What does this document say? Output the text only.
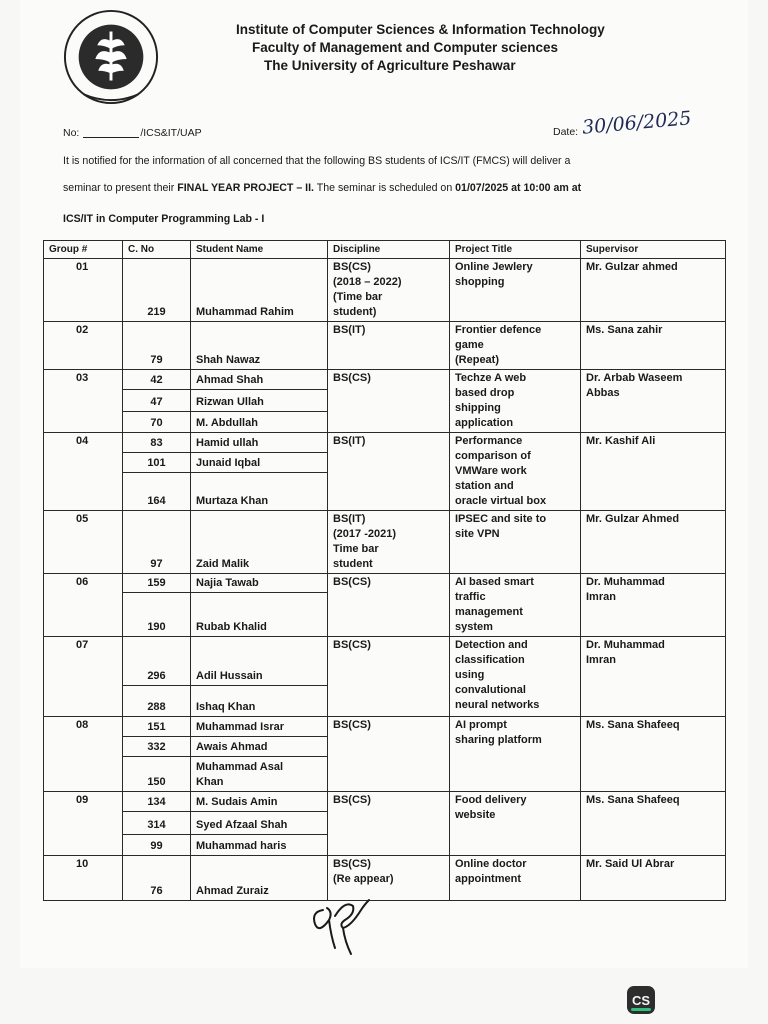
Institute of Computer Sciences & Information Technology
Faculty of Management and Computer sciences
The University of Agriculture Peshawar
No:	/ICS&IT/UAP	Date: 30/06/2025
It is notified for the information of all concerned that the following BS students of ICS/IT (FMCS) will deliver a
seminar to present their FINAL YEAR PROJECT – II. The seminar is scheduled on 01/07/2025 at 10:00 am at
ICS/IT in Computer Programming Lab - I
Group #	C. No	Student Name	Discipline	Project Title	Supervisor
01	219	Muhammad Rahim	BS(CS)
(2018 – 2022)
(Time bar
student)	Online Jewlery
shopping	Mr. Gulzar ahmed
02	79	Shah Nawaz	BS(IT)	Frontier defence
game
(Repeat)	Ms. Sana zahir
03	42	Ahmad Shah	BS(CS)	Techze A web
based drop
shipping
application	Dr. Arbab Waseem
Abbas
	47	Rizwan Ullah			
	70	M. Abdullah			
04	83	Hamid ullah	BS(IT)	Performance
comparison of
VMWare work
station and
oracle virtual box	Mr. Kashif Ali
	101	Junaid Iqbal			
	164	Murtaza Khan			
05	97	Zaid Malik	BS(IT)
(2017 -2021)
Time bar
student	IPSEC and site to
site VPN	Mr. Gulzar Ahmed
06	159	Najia Tawab	BS(CS)	AI based smart
traffic
management
system	Dr. Muhammad
Imran
	190	Rubab Khalid			
07	296	Adil Hussain	BS(CS)	Detection and
classification
using
convalutional
neural networks	Dr. Muhammad
Imran
	288	Ishaq Khan			
08	151	Muhammad Israr	BS(CS)	AI prompt
sharing platform	Ms. Sana Shafeeq
	332	Awais Ahmad			
	150	Muhammad Asal
Khan			
09	134	M. Sudais Amin	BS(CS)	Food delivery
website	Ms. Sana Shafeeq
	314	Syed Afzaal Shah			
	99	Muhammad haris			
10	76	Ahmad Zuraiz	BS(CS)
(Re appear)	Online doctor
appointment	Mr. Said Ul Abrar
CS
